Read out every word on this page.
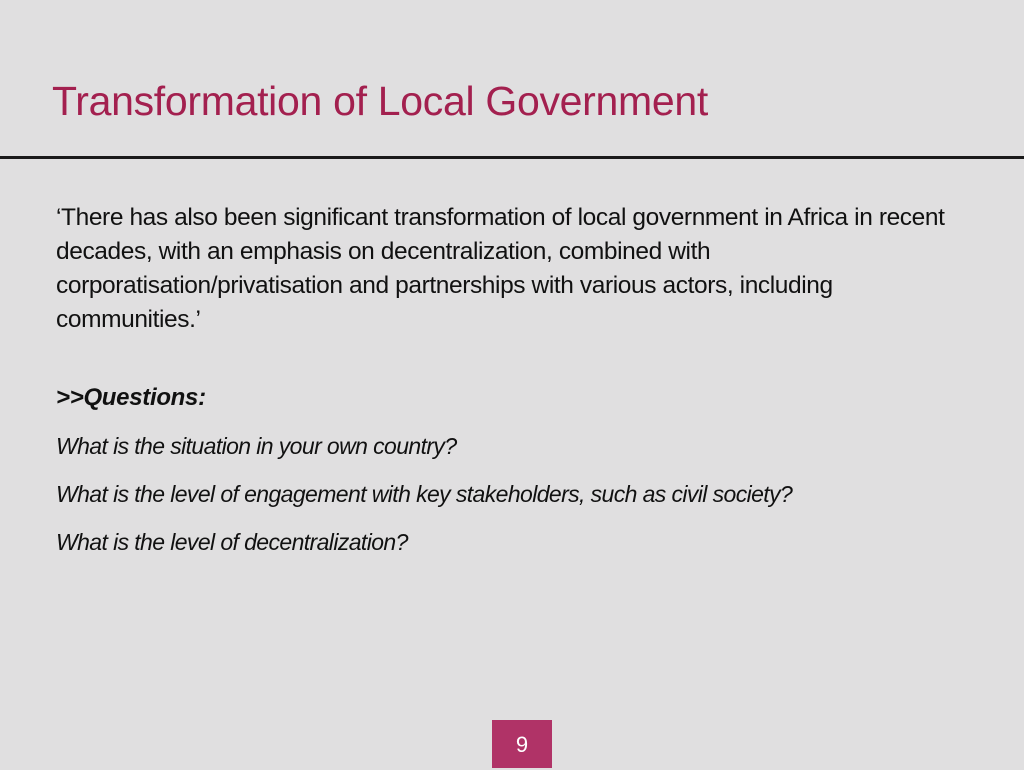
Transformation of Local Government

‘There has also been significant transformation of local government in Africa in recent decades, with an emphasis on decentralization, combined with corporatisation/privatisation and partnerships with various actors, including communities.’

>>Questions:

What is the situation in your own country?

What is the level of engagement with key stakeholders, such as civil society?

What is the level of decentralization?

9
